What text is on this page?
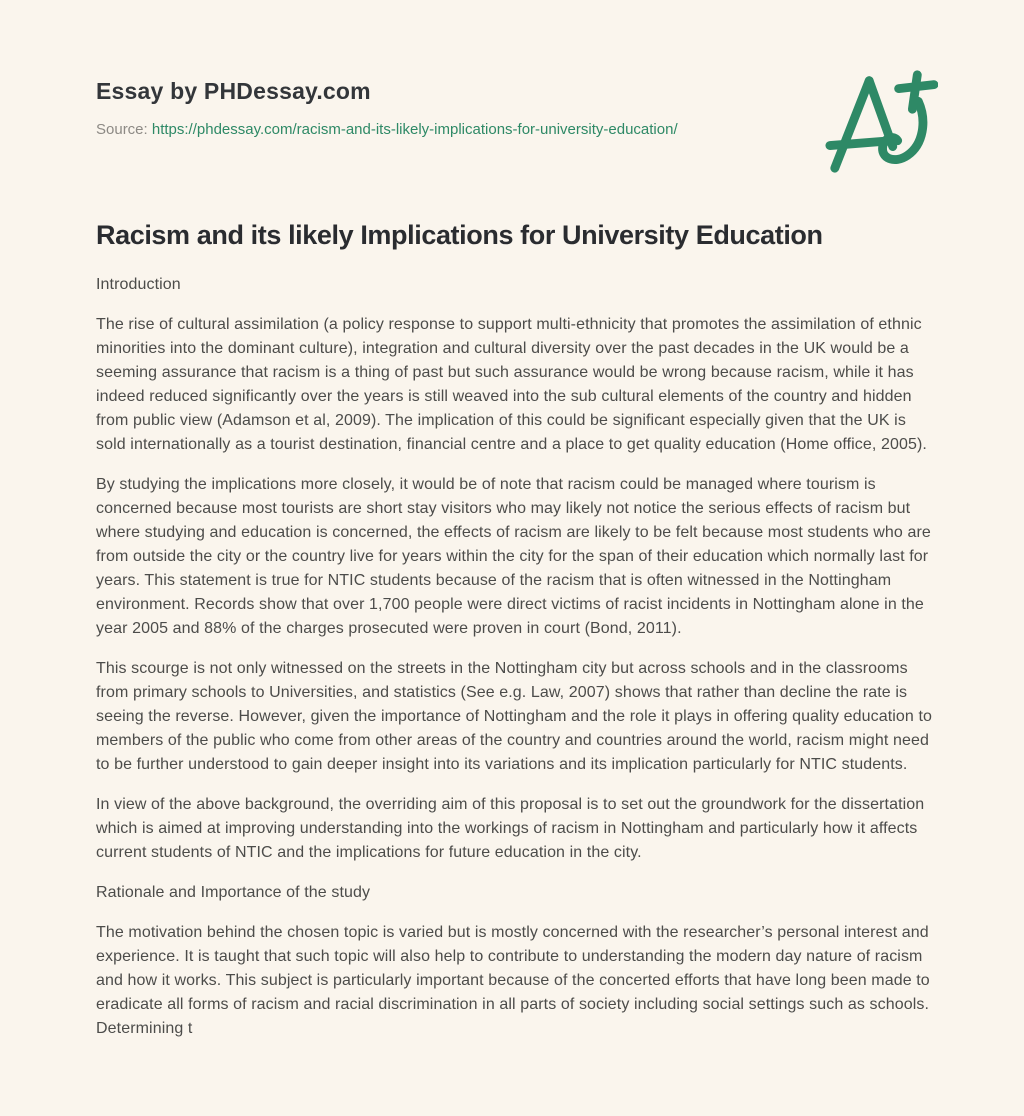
Essay by PHDessay.com
Source: https://phdessay.com/racism-and-its-likely-implications-for-university-education/
Racism and its likely Implications for University Education

Introduction

The rise of cultural assimilation (a policy response to support multi-ethnicity that promotes the assimilation of ethnic minorities into the dominant culture), integration and cultural diversity over the past decades in the UK would be a seeming assurance that racism is a thing of past but such assurance would be wrong because racism, while it has indeed reduced significantly over the years is still weaved into the sub cultural elements of the country and hidden from public view (Adamson et al, 2009). The implication of this could be significant especially given that the UK is sold internationally as a tourist destination, financial centre and a place to get quality education (Home office, 2005).

By studying the implications more closely, it would be of note that racism could be managed where tourism is concerned because most tourists are short stay visitors who may likely not notice the serious effects of racism but where studying and education is concerned, the effects of racism are likely to be felt because most students who are from outside the city or the country live for years within the city for the span of their education which normally last for years. This statement is true for NTIC students because of the racism that is often witnessed in the Nottingham environment. Records show that over 1,700 people were direct victims of racist incidents in Nottingham alone in the year 2005 and 88% of the charges prosecuted were proven in court (Bond, 2011).

This scourge is not only witnessed on the streets in the Nottingham city but across schools and in the classrooms from primary schools to Universities, and statistics (See e.g. Law, 2007) shows that rather than decline the rate is seeing the reverse. However, given the importance of Nottingham and the role it plays in offering quality education to members of the public who come from other areas of the country and countries around the world, racism might need to be further understood to gain deeper insight into its variations and its implication particularly for NTIC students.

In view of the above background, the overriding aim of this proposal is to set out the groundwork for the dissertation which is aimed at improving understanding into the workings of racism in Nottingham and particularly how it affects current students of NTIC and the implications for future education in the city.

Rationale and Importance of the study

The motivation behind the chosen topic is varied but is mostly concerned with the researcher’s personal interest and experience. It is taught that such topic will also help to contribute to understanding the modern day nature of racism and how it works. This subject is particularly important because of the concerted efforts that have long been made to eradicate all forms of racism and racial discrimination in all parts of society including social settings such as schools. Determining t
